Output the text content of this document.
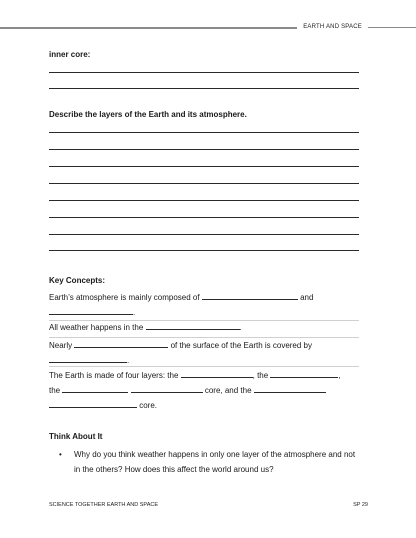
EARTH AND SPACE
inner core:
Describe the layers of the Earth and its atmosphere.
Key Concepts:
Earth’s atmosphere is mainly composed of	and
.
All weather happens in the	.
Nearly	of the surface of the Earth is covered by
.
The Earth is made of four layers: the	, the	,
the	core, and the
core.
Think About It
• Why do you think weather happens in only one layer of the atmosphere and not in the others? How does this affect the world around us?
SCIENCE TOGETHER EARTH AND SPACE	SP 29
